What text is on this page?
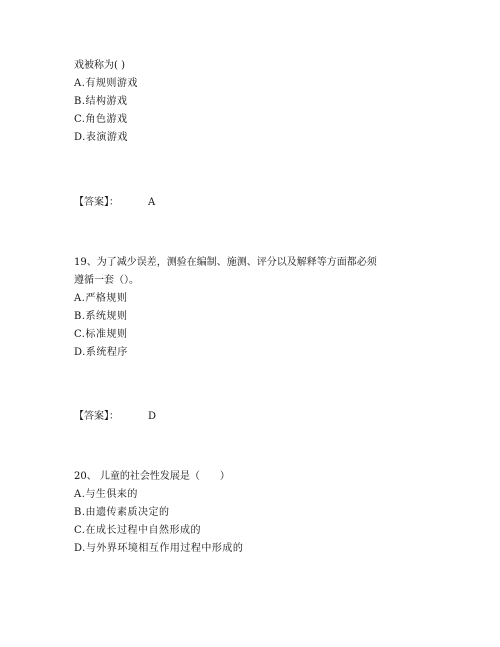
戏被称为( )
A.有规则游戏
B.结构游戏
C.角色游戏
D.表演游戏
【答案】：	A
19、为了减少误差，测验在编制、施测、评分以及解释等方面都必须
遵循一套（）。
A.严格规则
B.系统规则
C.标准规则
D.系统程序
【答案】：	D
20、 儿童的社会性发展是（　　）
A.与生俱来的
B.由遗传素质决定的
C.在成长过程中自然形成的
D.与外界环境相互作用过程中形成的
